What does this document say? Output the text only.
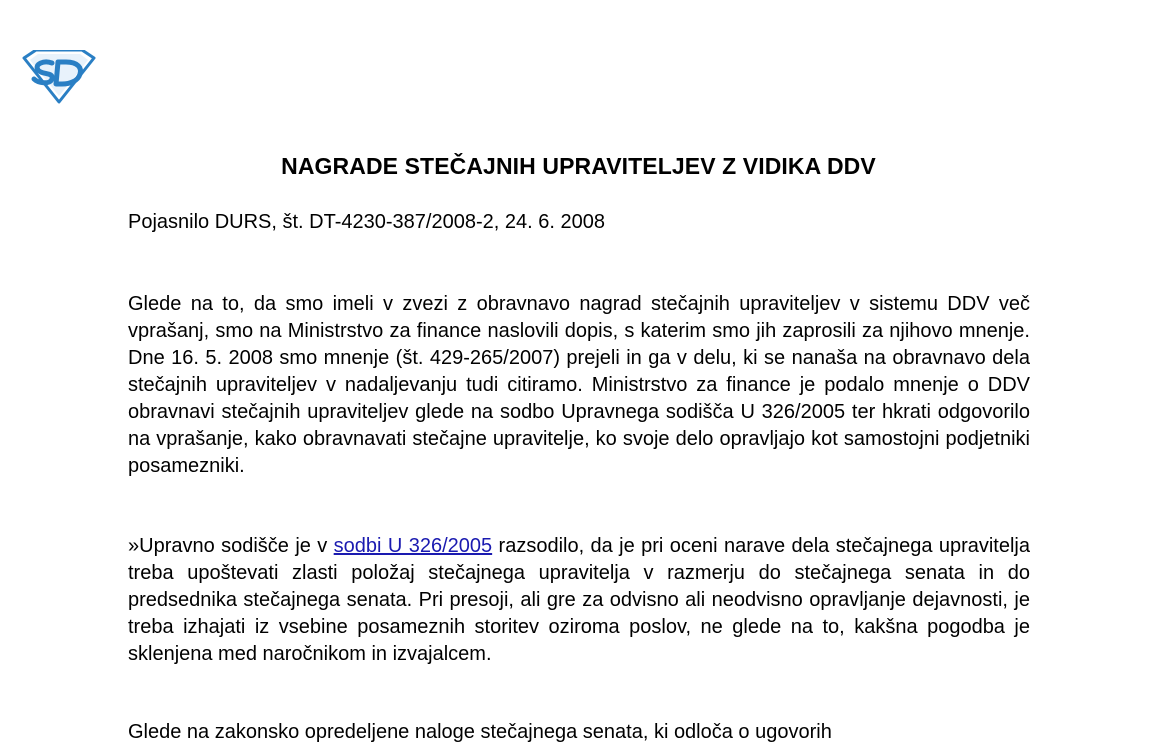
NAGRADE STEČAJNIH UPRAVITELJEV Z VIDIKA DDV
Pojasnilo DURS, št. DT-4230-387/2008-2, 24. 6. 2008

Glede na to, da smo imeli v zvezi z obravnavo nagrad stečajnih upraviteljev v sistemu DDV več vprašanj, smo na Ministrstvo za finance naslovili dopis, s katerim smo jih zaprosili za njihovo mnenje. Dne 16. 5. 2008 smo mnenje (št. 429-265/2007) prejeli in ga v delu, ki se nanaša na obravnavo dela stečajnih upraviteljev v nadaljevanju tudi citiramo. Ministrstvo za finance je podalo mnenje o DDV obravnavi stečajnih upraviteljev glede na sodbo Upravnega sodišča U 326/2005 ter hkrati odgovorilo na vprašanje, kako obravnavati stečajne upravitelje, ko svoje delo opravljajo kot samostojni podjetniki posamezniki.

»Upravno sodišče je v sodbi U 326/2005 razsodilo, da je pri oceni narave dela stečajnega upravitelja treba upoštevati zlasti položaj stečajnega upravitelja v razmerju do stečajnega senata in do predsednika stečajnega senata. Pri presoji, ali gre za odvisno ali neodvisno opravljanje dejavnosti, je treba izhajati iz vsebine posameznih storitev oziroma poslov, ne glede na to, kakšna pogodba je sklenjena med naročnikom in izvajalcem.

Glede na zakonsko opredeljene naloge stečajnega senata, ki odloča o ugovorih
